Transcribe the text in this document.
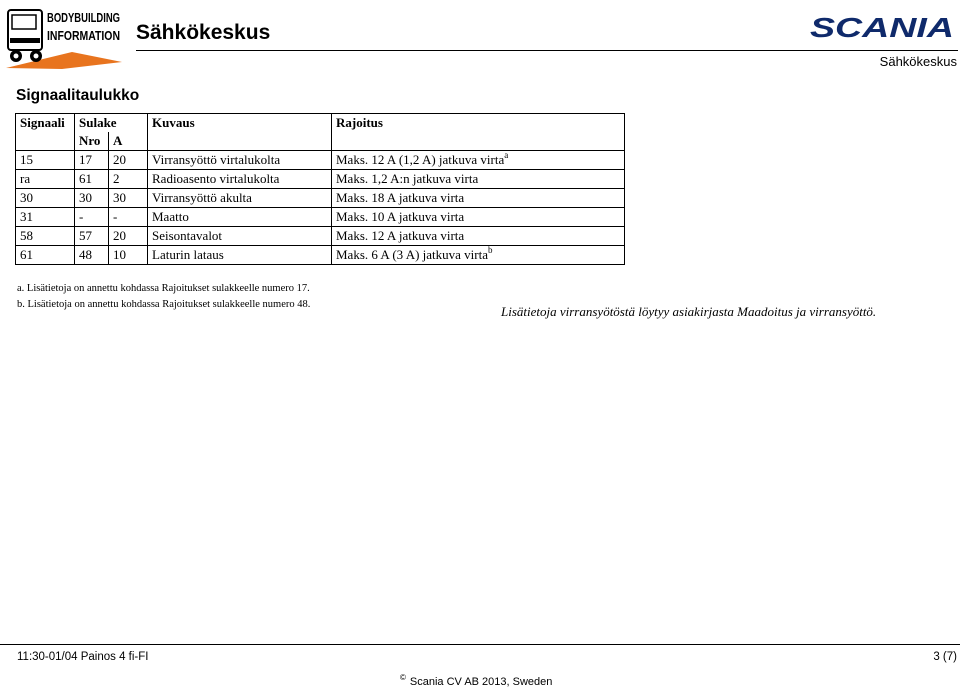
BODYBUILDING
INFORMATION Sähkökeskus	SCANIA
Sähkökeskus
Signaalitaulukko
Signaali	Sulake		Kuvaus	Rajoitus
	Nro	A		
15	17	20	Virransyöttö virtalukolta	Maks. 12 A (1,2 A) jatkuva virta$^a$
ra	61	2	Radioasento virtalukolta	Maks. 1,2 A:n jatkuva virta
30	30	30	Virransyöttö akulta	Maks. 18 A jatkuva virta
31	-	-	Maatto	Maks. 10 A jatkuva virta
58	57	20	Seisontavalot	Maks. 12 A jatkuva virta
61	48	10	Laturin lataus	Maks. 6 A (3 A) jatkuva virta$^b$
a. Lisätietoja on annettu kohdassa Rajoitukset sulakkeelle numero 17.
b. Lisätietoja on annettu kohdassa Rajoitukset sulakkeelle numero 48.	Lisätietoja virransyötöstä löytyy asiakirjasta Maadoitus ja virransyöttö.
11:30-01/04 Painos 4 fi-FI	3 (7)
© Scania CV AB 2013, Sweden
